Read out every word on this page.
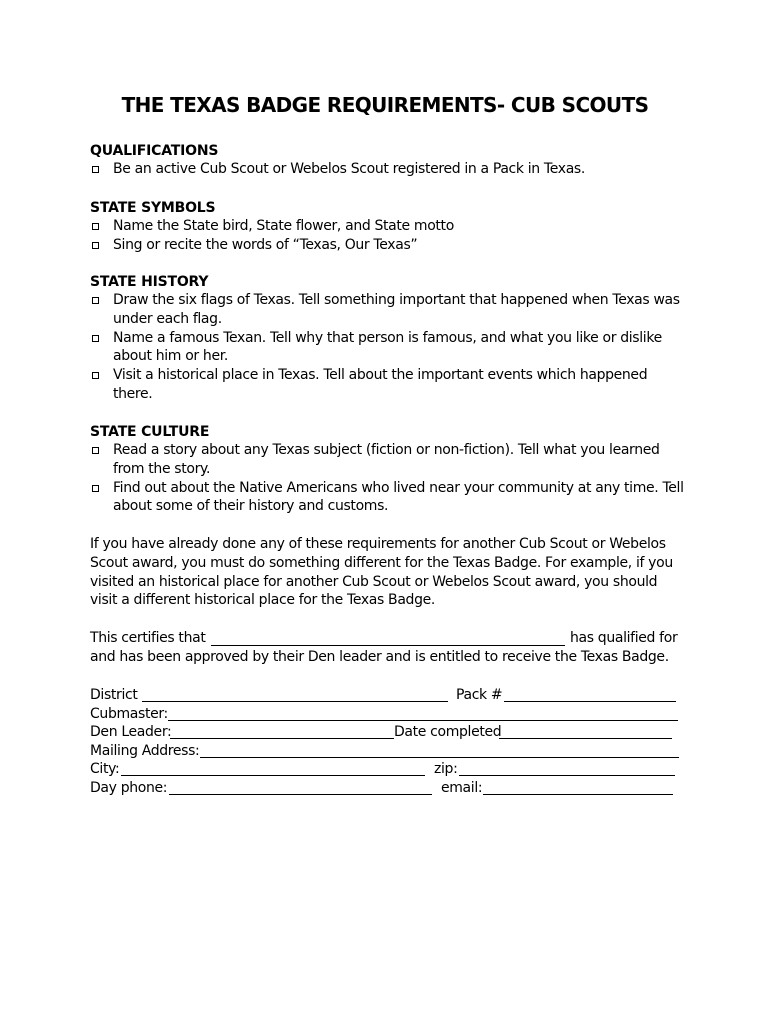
THE TEXAS BADGE REQUIREMENTS- CUB SCOUTS
QUALIFICATIONS
Be an active Cub Scout or Webelos Scout registered in a Pack in Texas.
STATE SYMBOLS
Name the State bird, State flower, and State motto
Sing or recite the words of “Texas, Our Texas”
STATE HISTORY
Draw the six flags of Texas. Tell something important that happened when Texas was under each flag.
Name a famous Texan. Tell why that person is famous, and what you like or dislike about him or her.
Visit a historical place in Texas. Tell about the important events which happened there.
STATE CULTURE
Read a story about any Texas subject (fiction or non-fiction). Tell what you learned from the story.
Find out about the Native Americans who lived near your community at any time. Tell about some of their history and customs.
If you have already done any of these requirements for another Cub Scout or Webelos Scout award, you must do something different for the Texas Badge. For example, if you visited an historical place for another Cub Scout or Webelos Scout award, you should visit a different historical place for the Texas Badge.
This certifies that	has qualified for
and has been approved by their Den leader and is entitled to receive the Texas Badge.
District	Pack #
Cubmaster:
Den Leader:	Date completed
Mailing Address:
City:	zip:
Day phone:	email:
